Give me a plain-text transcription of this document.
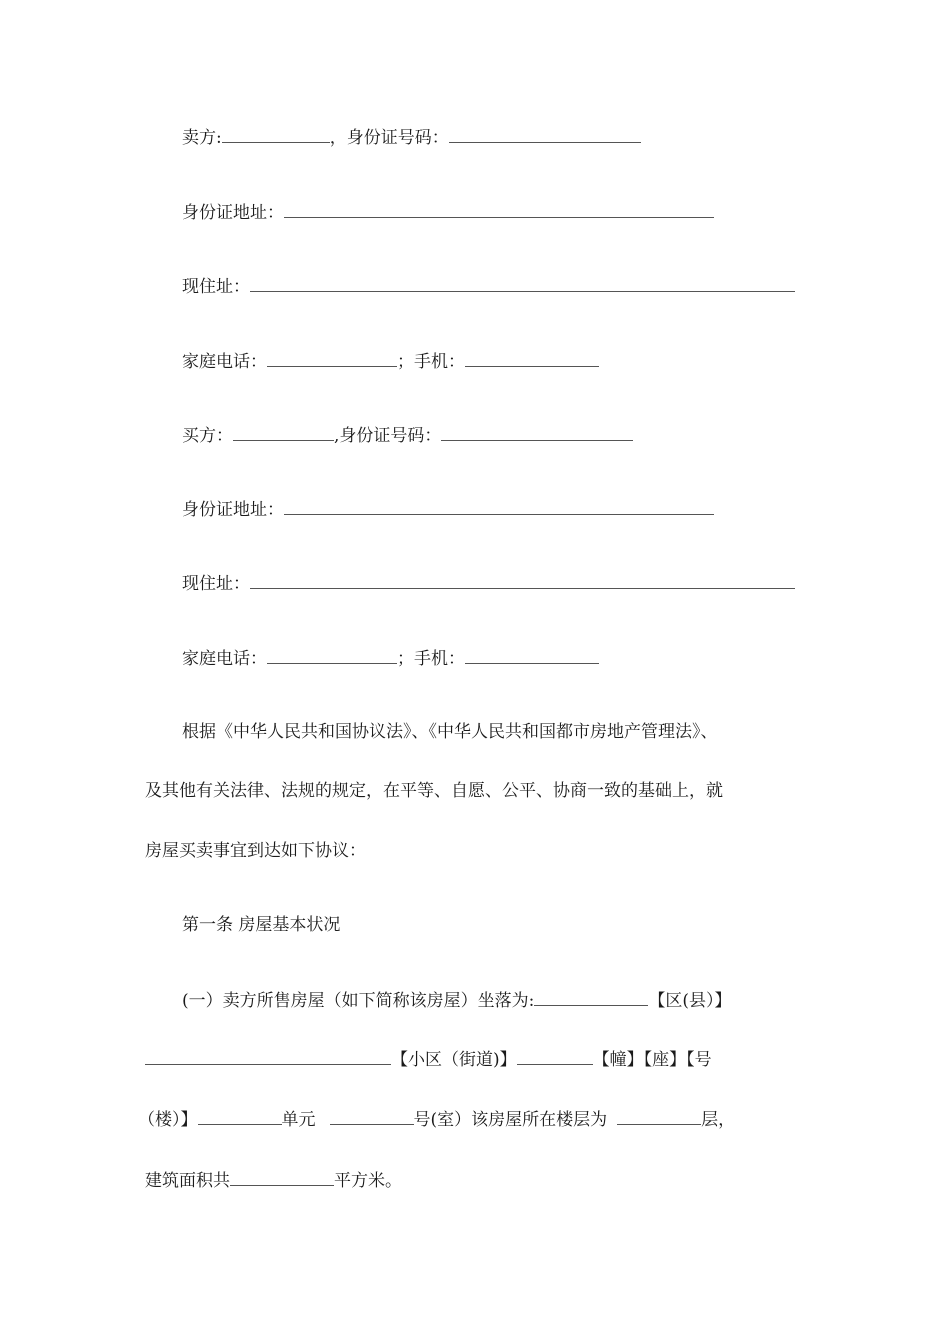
卖方:	，身份证号码：
身份证地址：
现住址：
家庭电话：	；手机：
买方：	,身份证号码：
身份证地址：
现住址：
家庭电话：	；手机：
根据《中华人民共和国协议法》、《中华人民共和国都市房地产管理法》、
及其他有关法律、法规的规定，在平等、自愿、公平、协商一致的基础上，就
房屋买卖事宜到达如下协议：
第一条 房屋基本状况
(一）卖方所售房屋（如下简称该房屋）坐落为:	【区(县）】
【小区（街道)】	【幢】【座】【号
（楼）】	单元	号(室）该房屋所在楼层为	层，
建筑面积共	平方米。
